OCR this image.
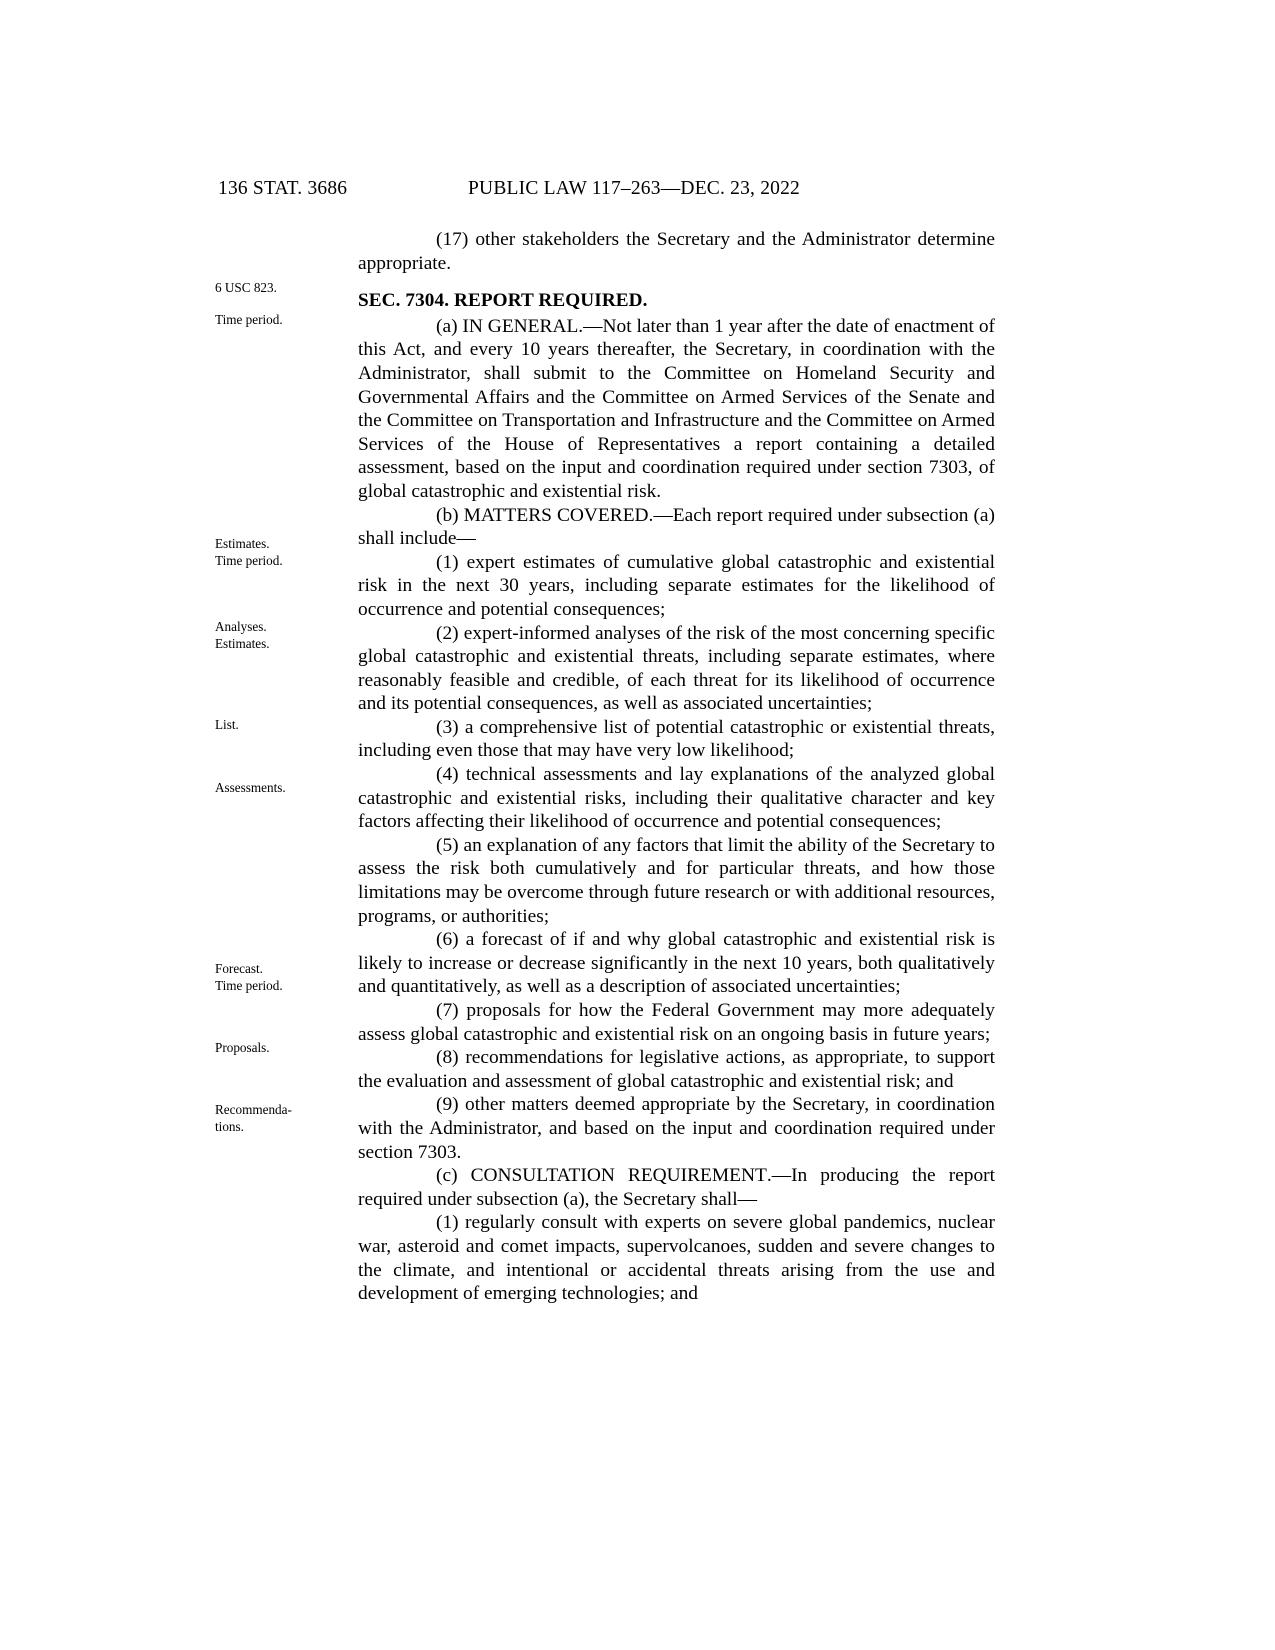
136 STAT. 3686	PUBLIC LAW 117–263—DEC. 23, 2022
6 USC 823.
Time period.
Estimates.
Time period.
Analyses.
Estimates.
List.
Assessments.
Forecast.
Time period.
Proposals.
Recommenda-
tions.

(17) other stakeholders the Secretary and the Administrator determine appropriate.

SEC. 7304. REPORT REQUIRED.

(a) IN GENERAL.—Not later than 1 year after the date of enactment of this Act, and every 10 years thereafter, the Secretary, in coordination with the Administrator, shall submit to the Committee on Homeland Security and Governmental Affairs and the Committee on Armed Services of the Senate and the Committee on Transportation and Infrastructure and the Committee on Armed Services of the House of Representatives a report containing a detailed assessment, based on the input and coordination required under section 7303, of global catastrophic and existential risk.

(b) MATTERS COVERED.—Each report required under subsection (a) shall include—

(1) expert estimates of cumulative global catastrophic and existential risk in the next 30 years, including separate estimates for the likelihood of occurrence and potential consequences;

(2) expert-informed analyses of the risk of the most concerning specific global catastrophic and existential threats, including separate estimates, where reasonably feasible and credible, of each threat for its likelihood of occurrence and its potential consequences, as well as associated uncertainties;

(3) a comprehensive list of potential catastrophic or existential threats, including even those that may have very low likelihood;

(4) technical assessments and lay explanations of the analyzed global catastrophic and existential risks, including their qualitative character and key factors affecting their likelihood of occurrence and potential consequences;

(5) an explanation of any factors that limit the ability of the Secretary to assess the risk both cumulatively and for particular threats, and how those limitations may be overcome through future research or with additional resources, programs, or authorities;

(6) a forecast of if and why global catastrophic and existential risk is likely to increase or decrease significantly in the next 10 years, both qualitatively and quantitatively, as well as a description of associated uncertainties;

(7) proposals for how the Federal Government may more adequately assess global catastrophic and existential risk on an ongoing basis in future years;

(8) recommendations for legislative actions, as appropriate, to support the evaluation and assessment of global catastrophic and existential risk; and

(9) other matters deemed appropriate by the Secretary, in coordination with the Administrator, and based on the input and coordination required under section 7303.

(c) CONSULTATION REQUIREMENT.—In producing the report required under subsection (a), the Secretary shall—

(1) regularly consult with experts on severe global pandemics, nuclear war, asteroid and comet impacts, supervolcanoes, sudden and severe changes to the climate, and intentional or accidental threats arising from the use and development of emerging technologies; and
